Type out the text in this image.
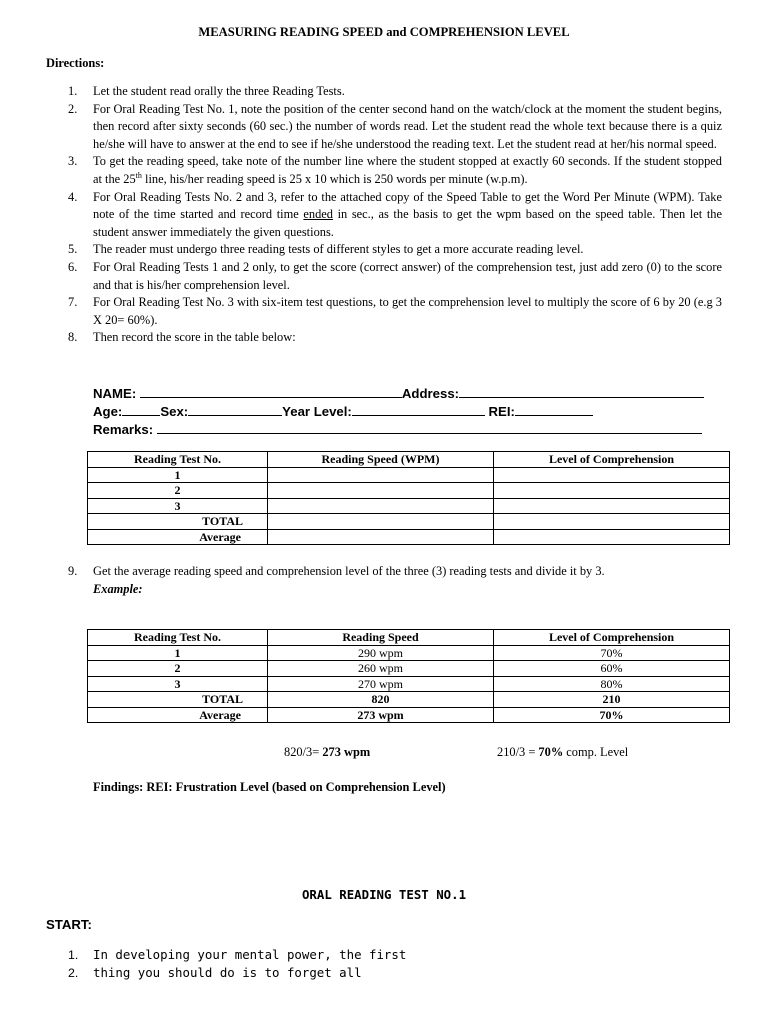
MEASURING READING SPEED and COMPREHENSION LEVEL
Directions:
1. Let the student read orally the three Reading Tests.
2. For Oral Reading Test No. 1, note the position of the center second hand on the watch/clock at the moment the student begins, then record after sixty seconds (60 sec.) the number of words read. Let the student read the whole text because there is a quiz he/she will have to answer at the end to see if he/she understood the reading text. Let the student read at her/his normal speed.
3. To get the reading speed, take note of the number line where the student stopped at exactly 60 seconds. If the student stopped at the 25th line, his/her reading speed is 25 x 10 which is 250 words per minute (w.p.m).
4. For Oral Reading Tests No. 2 and 3, refer to the attached copy of the Speed Table to get the Word Per Minute (WPM). Take note of the time started and record time ended in sec., as the basis to get the wpm based on the speed table. Then let the student answer immediately the given questions.
5. The reader must undergo three reading tests of different styles to get a more accurate reading level.
6. For Oral Reading Tests 1 and 2 only, to get the score (correct answer) of the comprehension test, just add zero (0) to the score and that is his/her comprehension level.
7. For Oral Reading Test No. 3 with six-item test questions, to get the comprehension level to multiply the score of 6 by 20 (e.g 3 X 20= 60%).
8. Then record the score in the table below:
NAME:	Address:
Age:	Sex:	Year Level:	REI:
Remarks:
Reading Test No.	Reading Speed (WPM)	Level of Comprehension
1		
2		
3		
TOTAL		
Average		
9.	Get the average reading speed and comprehension level of the three (3) reading tests and divide it by 3.
Example:
Reading Test No.	Reading Speed	Level of Comprehension
1	290 wpm	70%
2	260 wpm	60%
3	270 wpm	80%
TOTAL	820	210
Average	273 wpm	70%
820/3= 273 wpm	210/3 = 70% comp. Level
Findings: REI: Frustration Level (based on Comprehension Level)
ORAL READING TEST NO.1
START:
1. In developing your mental power, the first
2. thing you should do is to forget all
